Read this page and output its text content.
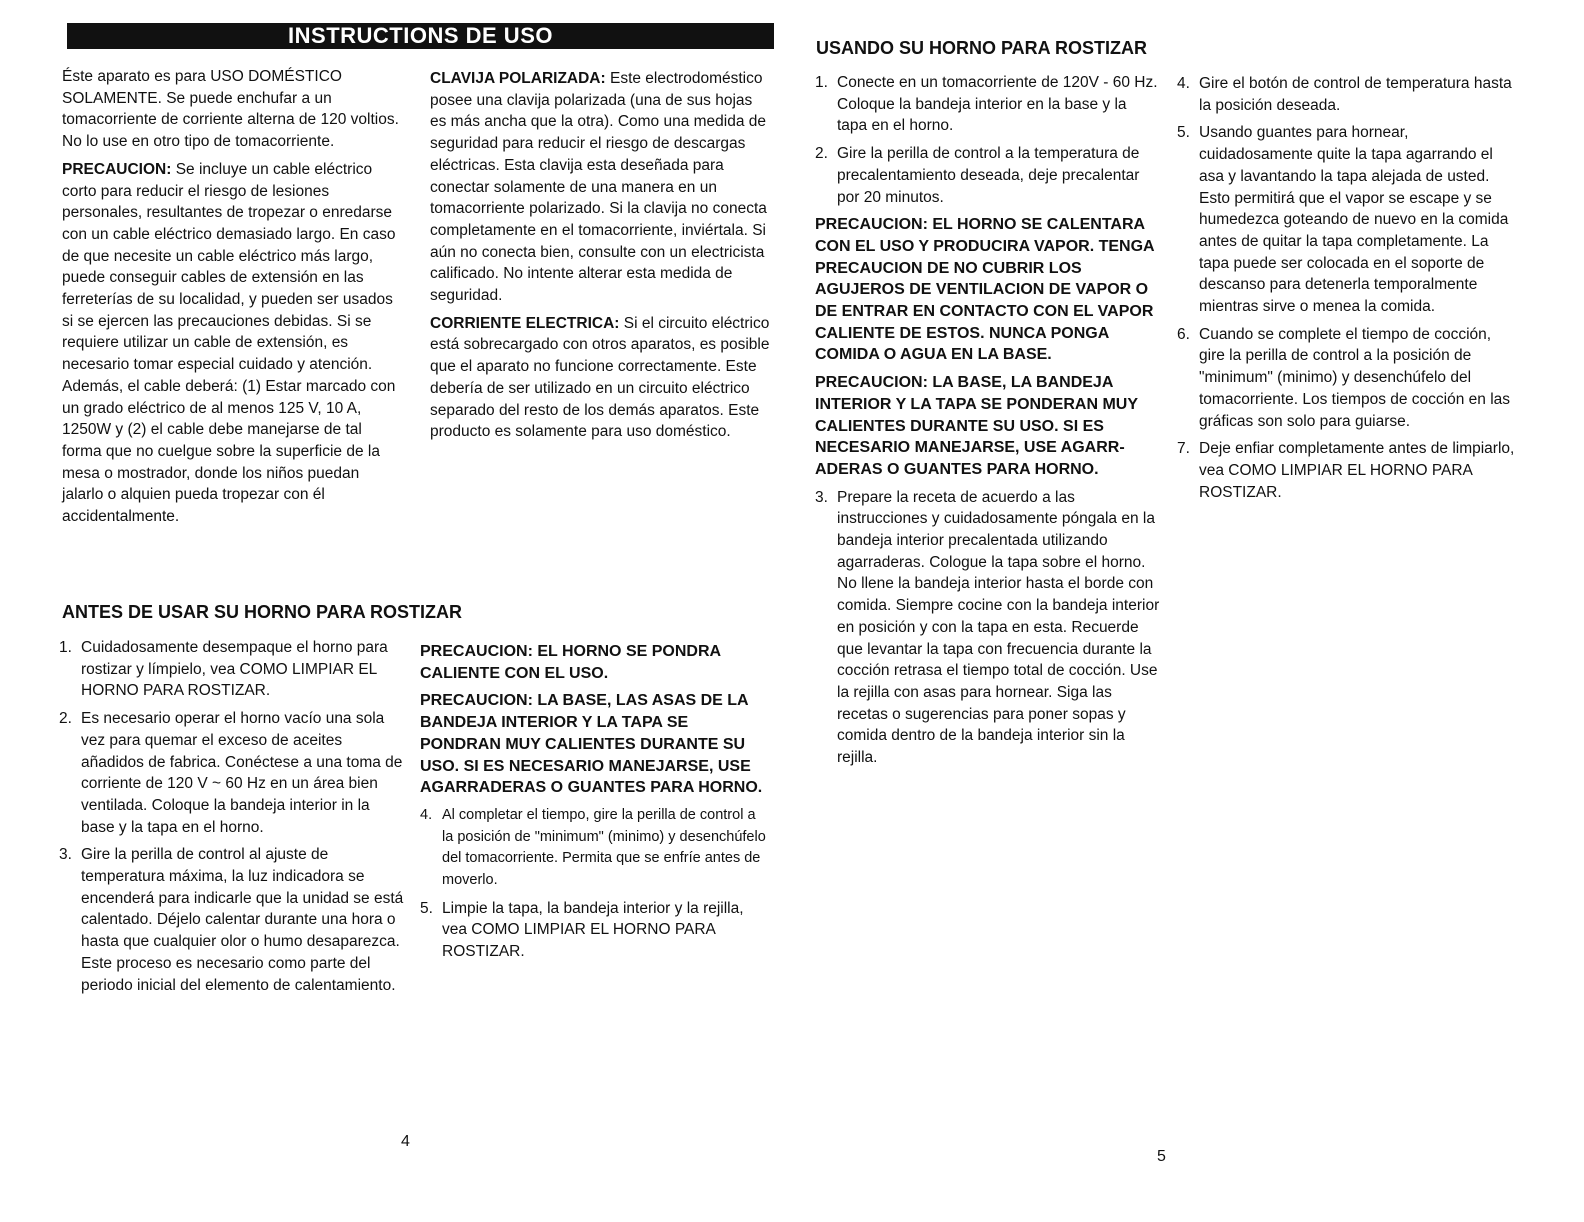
INSTRUCTIONS DE USO

Éste aparato es para USO DOMÉSTICO SOLAMENTE. Se puede enchufar a un tomacorriente de corriente alterna de 120 voltios. No lo use en otro tipo de tomacorriente.

PRECAUCION: Se incluye un cable eléctrico corto para reducir el riesgo de lesiones personales, resultantes de tropezar o enredarse con un cable eléctrico demasiado largo. En caso de que necesite un cable eléctrico más largo, puede conseguir cables de extensión en las ferreterías de su localidad, y pueden ser usados si se ejercen las precauciones debidas. Si se requiere utilizar un cable de extensión, es necesario tomar especial cuidado y atención. Además, el cable deberá: (1) Estar marcado con un grado eléctrico de al menos 125 V, 10 A, 1250W y (2) el cable debe manejarse de tal forma que no cuelgue sobre la superficie de la mesa o mostrador, donde los niños puedan jalarlo o alquien pueda tropezar con él accidentalmente.

CLAVIJA POLARIZADA: Este electrodoméstico posee una clavija polarizada (una de sus hojas es más ancha que la otra). Como una medida de seguridad para reducir el riesgo de descargas eléctricas. Esta clavija esta deseñada para conectar solamente de una manera en un tomacorriente polarizado. Si la clavija no conecta completamente en el tomacorriente, inviértala. Si aún no conecta bien, consulte con un electricista calificado. No intente alterar esta medida de seguridad.

CORRIENTE ELECTRICA: Si el circuito eléctrico está sobrecargado con otros aparatos, es posible que el aparato no funcione correctamente. Este debería de ser utilizado en un circuito eléctrico separado del resto de los demás aparatos. Este producto es solamente para uso doméstico.

ANTES DE USAR SU HORNO PARA ROSTIZAR
1. Cuidadosamente desempaque el horno para rostizar y límpielo, vea COMO LIMPIAR EL HORNO PARA ROSTIZAR.
2. Es necesario operar el horno vacío una sola vez para quemar el exceso de aceites añadidos de fabrica. Conéctese a una toma de corriente de 120 V ~ 60 Hz en un área bien ventilada. Coloque la bandeja interior in la base y la tapa en el horno.
3. Gire la perilla de control al ajuste de temperatura máxima, la luz indicadora se encenderá para indicarle que la unidad se está calentado. Déjelo calentar durante una hora o hasta que cualquier olor o humo desaparezca. Este proceso es necesario como parte del periodo inicial del elemento de calentamiento.

PRECAUCION: EL HORNO SE PONDRA CALIENTE CON EL USO.

PRECAUCION: LA BASE, LAS ASAS DE LA BANDEJA INTERIOR Y LA TAPA SE PONDRAN MUY CALIENTES DURANTE SU USO. SI ES NECESARIO MANEJARSE, USE AGARRADERAS O GUANTES PARA HORNO.

4. Al completar el tiempo, gire la perilla de control a la posición de "minimum" (minimo) y desenchúfelo del tomacorriente. Permita que se enfríe antes de moverlo.
5. Limpie la tapa, la bandeja interior y la rejilla, vea COMO LIMPIAR EL HORNO PARA ROSTIZAR.
4
USANDO SU HORNO PARA ROSTIZAR
1. Conecte en un tomacorriente de 120V - 60 Hz. Coloque la bandeja interior en la base y la tapa en el horno.
2. Gire la perilla de control a la temperatura de precalentamiento deseada, deje precalentar por 20 minutos.

PRECAUCION: EL HORNO SE CALENTARA CON EL USO Y PRODUCIRA VAPOR. TENGA PRECAUCION DE NO CUBRIR LOS AGUJEROS DE VENTILACION DE VAPOR O DE ENTRAR EN CONTACTO CON EL VAPOR CALIENTE DE ESTOS. NUNCA PONGA COMIDA O AGUA EN LA BASE.

PRECAUCION: LA BASE, LA BANDEJA INTERIOR Y LA TAPA SE PONDERAN MUY CALIENTES DURANTE SU USO. SI ES NECESARIO MANEJARSE, USE AGARR-ADERAS O GUANTES PARA HORNO.

3. Prepare la receta de acuerdo a las instrucciones y cuidadosamente póngala en la bandeja interior precalentada utilizando agarraderas. Cologue la tapa sobre el horno. No llene la bandeja interior hasta el borde con comida. Siempre cocine con la bandeja interior en posición y con la tapa en esta. Recuerde que levantar la tapa con frecuencia durante la cocción retrasa el tiempo total de cocción. Use la rejilla con asas para hornear. Siga las recetas o sugerencias para poner sopas y comida dentro de la bandeja interior sin la rejilla.
4. Gire el botón de control de temperatura hasta la posición deseada.
5. Usando guantes para hornear, cuidadosamente quite la tapa agarrando el asa y lavantando la tapa alejada de usted. Esto permitirá que el vapor se escape y se humedezca goteando de nuevo en la comida antes de quitar la tapa completamente. La tapa puede ser colocada en el soporte de descanso para detenerla temporalmente mientras sirve o menea la comida.
6. Cuando se complete el tiempo de cocción, gire la perilla de control a la posición de "minimum" (minimo) y desenchúfelo del tomacorriente. Los tiempos de cocción en las gráficas son solo para guiarse.
7. Deje enfiar completamente antes de limpiarlo, vea COMO LIMPIAR EL HORNO PARA ROSTIZAR.
5
